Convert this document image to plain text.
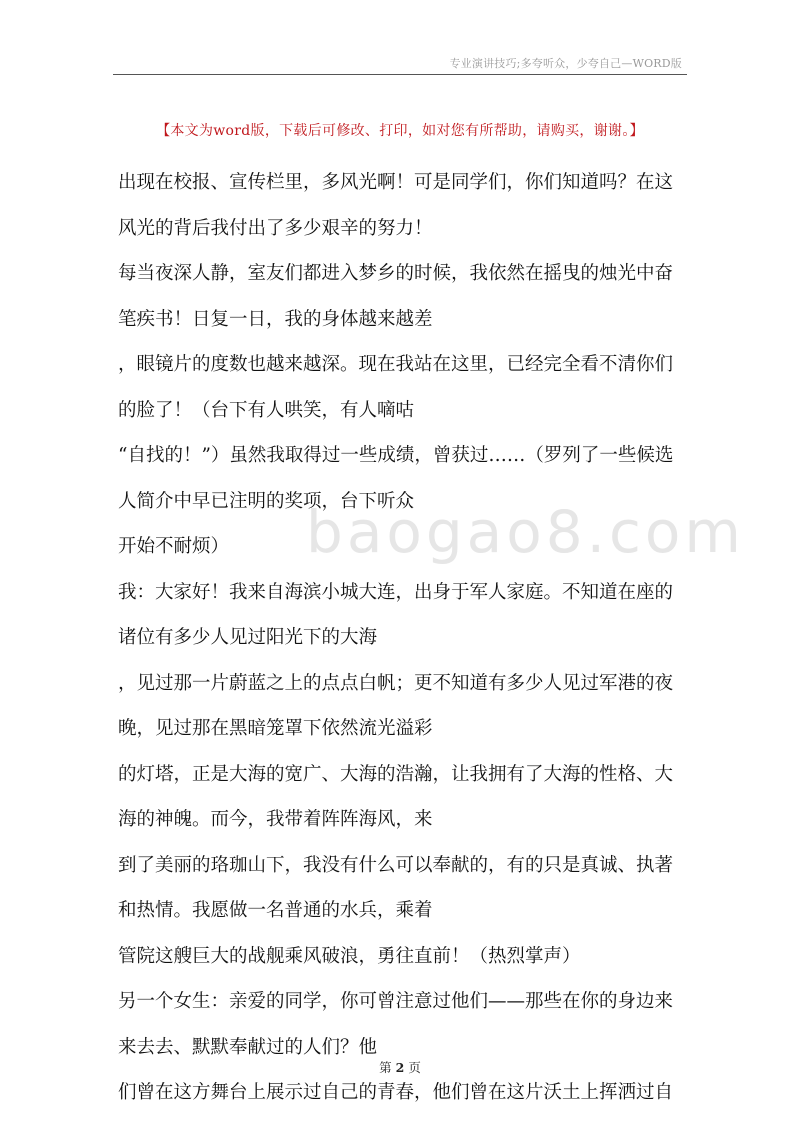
专业演讲技巧;多夸听众，少夸自己—WORD版
【本文为word版，下载后可修改、打印，如对您有所帮助，请购买，谢谢。】
baogao8.com
出现在校报、宣传栏里，多风光啊！可是同学们，你们知道吗？在这
风光的背后我付出了多少艰辛的努力！
每当夜深人静，室友们都进入梦乡的时候，我依然在摇曳的烛光中奋
笔疾书！日复一日，我的身体越来越差
，眼镜片的度数也越来越深。现在我站在这里，已经完全看不清你们
的脸了！（台下有人哄笑，有人嘀咕
“自找的！”）虽然我取得过一些成绩，曾获过……（罗列了一些候选
人简介中早已注明的奖项，台下听众
开始不耐烦）
我：大家好！我来自海滨小城大连，出身于军人家庭。不知道在座的
诸位有多少人见过阳光下的大海
，见过那一片蔚蓝之上的点点白帆；更不知道有多少人见过军港的夜
晚，见过那在黑暗笼罩下依然流光溢彩
的灯塔，正是大海的宽广、大海的浩瀚，让我拥有了大海的性格、大
海的神魄。而今，我带着阵阵海风，来
到了美丽的珞珈山下，我没有什么可以奉献的，有的只是真诚、执著
和热情。我愿做一名普通的水兵，乘着
管院这艘巨大的战舰乘风破浪，勇往直前！（热烈掌声）
另一个女生：亲爱的同学，你可曾注意过他们——那些在你的身边来
来去去、默默奉献过的人们？他
们曾在这方舞台上展示过自己的青春，他们曾在这片沃土上挥洒过自
第 2 页
